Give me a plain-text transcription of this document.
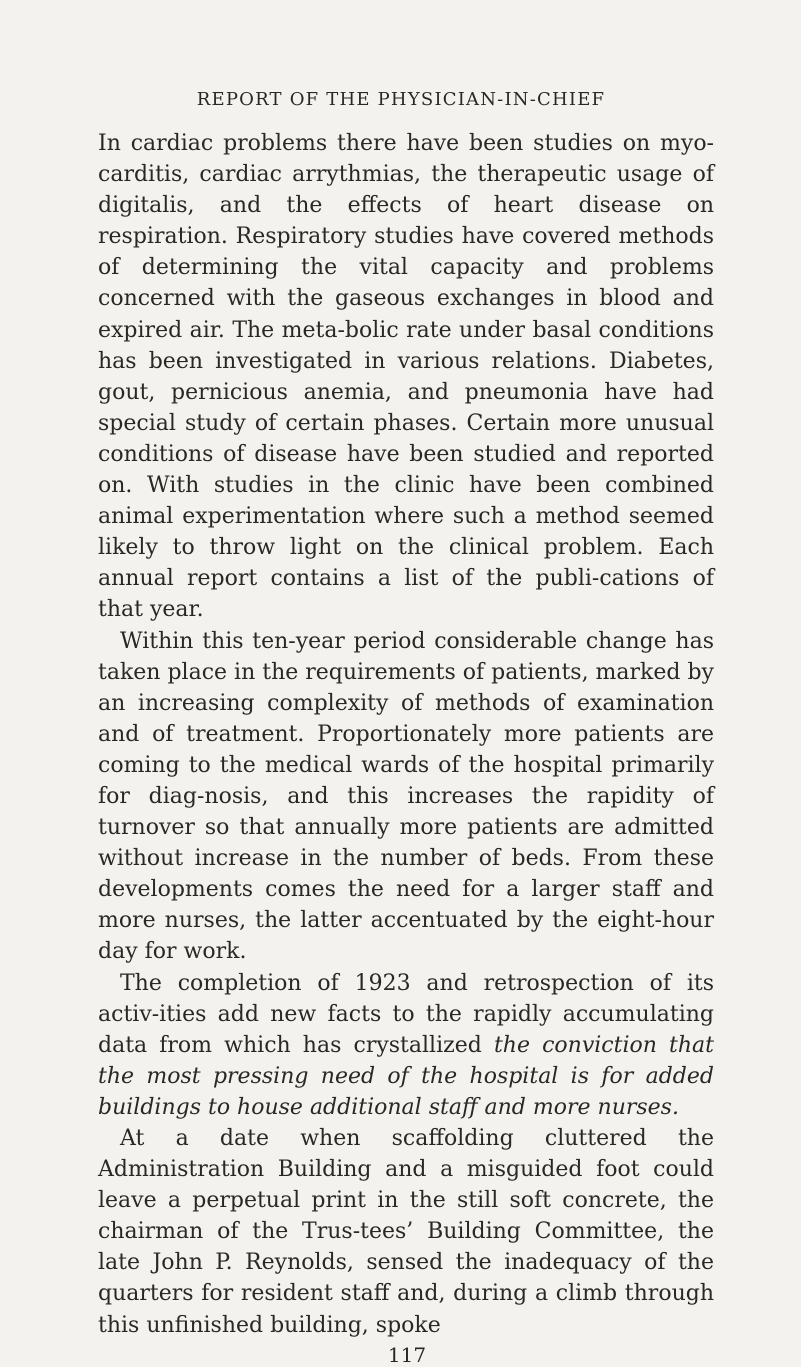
REPORT OF THE PHYSICIAN-IN-CHIEF

In cardiac problems there have been studies on myo-carditis, cardiac arrythmias, the therapeutic usage of digitalis, and the effects of heart disease on respiration. Respiratory studies have covered methods of determining the vital capacity and problems concerned with the gaseous exchanges in blood and expired air. The meta-bolic rate under basal conditions has been investigated in various relations. Diabetes, gout, pernicious anemia, and pneumonia have had special study of certain phases. Certain more unusual conditions of disease have been studied and reported on. With studies in the clinic have been combined animal experimentation where such a method seemed likely to throw light on the clinical problem. Each annual report contains a list of the publi-cations of that year.

Within this ten-year period considerable change has taken place in the requirements of patients, marked by an increasing complexity of methods of examination and of treatment. Proportionately more patients are coming to the medical wards of the hospital primarily for diag-nosis, and this increases the rapidity of turnover so that annually more patients are admitted without increase in the number of beds. From these developments comes the need for a larger staff and more nurses, the latter accentuated by the eight-hour day for work.

The completion of 1923 and retrospection of its activ-ities add new facts to the rapidly accumulating data from which has crystallized the conviction that the most pressing need of the hospital is for added buildings to house additional staff and more nurses.

At a date when scaffolding cluttered the Administration Building and a misguided foot could leave a perpetual print in the still soft concrete, the chairman of the Trus-tees’ Building Committee, the late John P. Reynolds, sensed the inadequacy of the quarters for resident staff and, during a climb through this unfinished building, spoke

117
